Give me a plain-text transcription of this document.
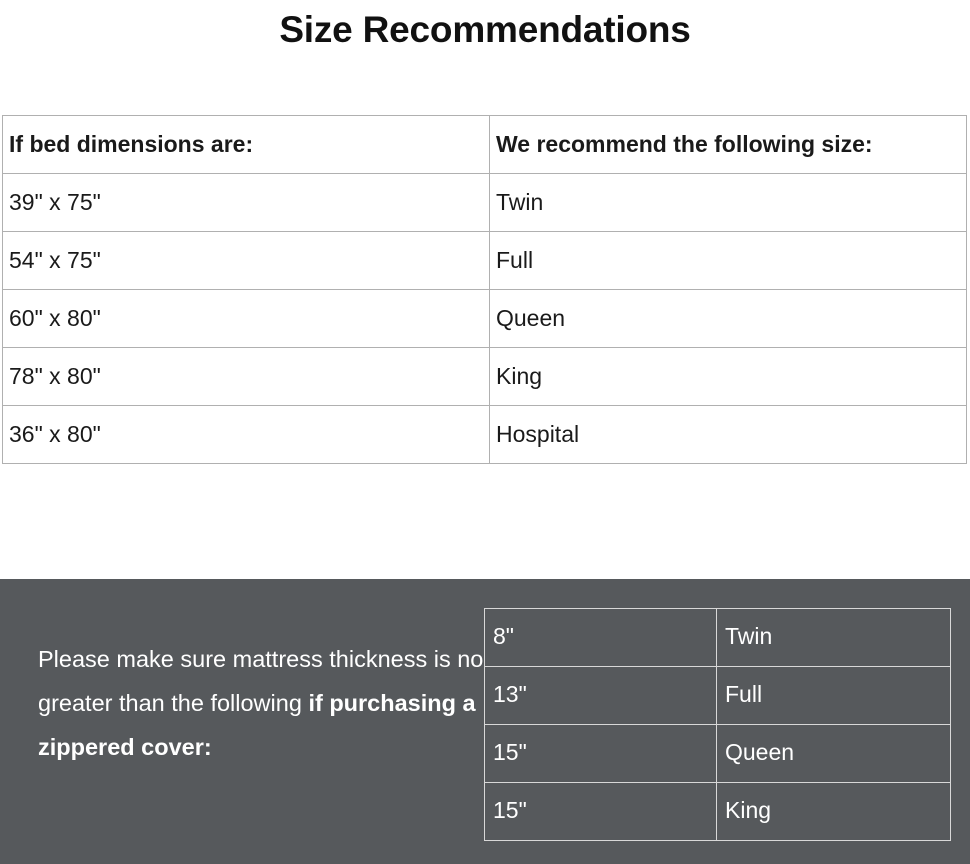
Size Recommendations
If bed dimensions are:	We recommend the following size:
39" x 75"	Twin
54" x 75"	Full
60" x 80"	Queen
78" x 80"	King
36" x 80"	Hospital

Please make sure mattress thickness is no greater than the following if purchasing a zippered cover:

8"	Twin
13"	Full
15"	Queen
15"	King
